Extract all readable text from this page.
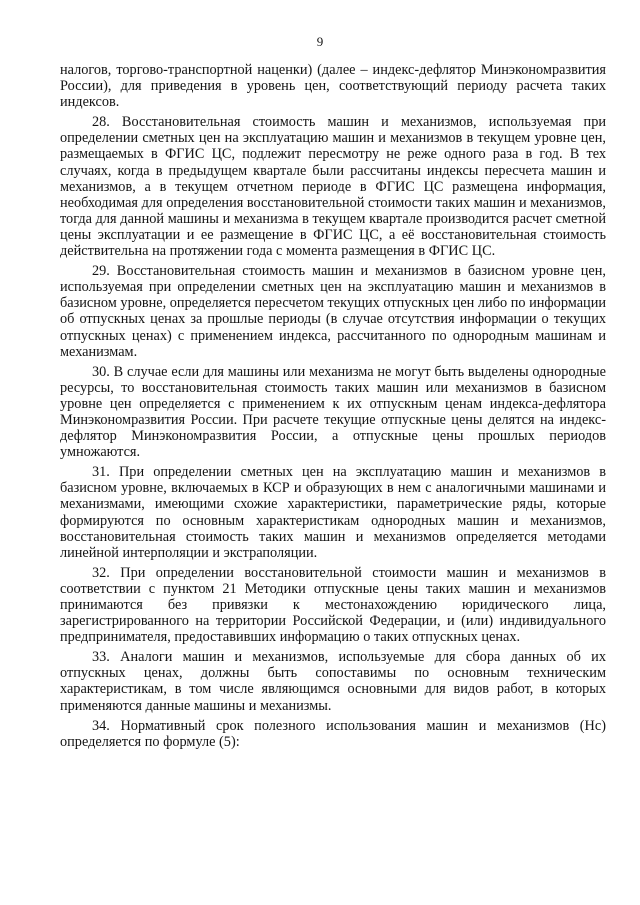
9

налогов, торгово-транспортной наценки) (далее – индекс-дефлятор Минэкономразвития России), для приведения в уровень цен, соответствующий периоду расчета таких индексов.

28. Восстановительная стоимость машин и механизмов, используемая при определении сметных цен на эксплуатацию машин и механизмов в текущем уровне цен, размещаемых в ФГИС ЦС, подлежит пересмотру не реже одного раза в год. В тех случаях, когда в предыдущем квартале были рассчитаны индексы пересчета машин и механизмов, а в текущем отчетном периоде в ФГИС ЦС размещена информация, необходимая для определения восстановительной стоимости таких машин и механизмов, тогда для данной машины и механизма в текущем квартале производится расчет сметной цены эксплуатации и ее размещение в ФГИС ЦС, а её восстановительная стоимость действительна на протяжении года с момента размещения в ФГИС ЦС.

29. Восстановительная стоимость машин и механизмов в базисном уровне цен, используемая при определении сметных цен на эксплуатацию машин и механизмов в базисном уровне, определяется пересчетом текущих отпускных цен либо по информации об отпускных ценах за прошлые периоды (в случае отсутствия информации о текущих отпускных ценах) с применением индекса, рассчитанного по однородным машинам и механизмам.

30. В случае если для машины или механизма не могут быть выделены однородные ресурсы, то восстановительная стоимость таких машин или механизмов в базисном уровне цен определяется с применением к их отпускным ценам индекса-дефлятора Минэкономразвития России. При расчете текущие отпускные цены делятся на индекс-дефлятор Минэкономразвития России, а отпускные цены прошлых периодов умножаются.

31. При определении сметных цен на эксплуатацию машин и механизмов в базисном уровне, включаемых в КСР и образующих в нем с аналогичными машинами и механизмами, имеющими схожие характеристики, параметрические ряды, которые формируются по основным характеристикам однородных машин и механизмов, восстановительная стоимость таких машин и механизмов определяется методами линейной интерполяции и экстраполяции.

32. При определении восстановительной стоимости машин и механизмов в соответствии с пунктом 21 Методики отпускные цены таких машин и механизмов принимаются без привязки к местонахождению юридического лица, зарегистрированного на территории Российской Федерации, и (или) индивидуального предпринимателя, предоставивших информацию о таких отпускных ценах.

33. Аналоги машин и механизмов, используемые для сбора данных об их отпускных ценах, должны быть сопоставимы по основным техническим характеристикам, в том числе являющимся основными для видов работ, в которых применяются данные машины и механизмы.

34. Нормативный срок полезного использования машин и механизмов (Нс) определяется по формуле (5):
